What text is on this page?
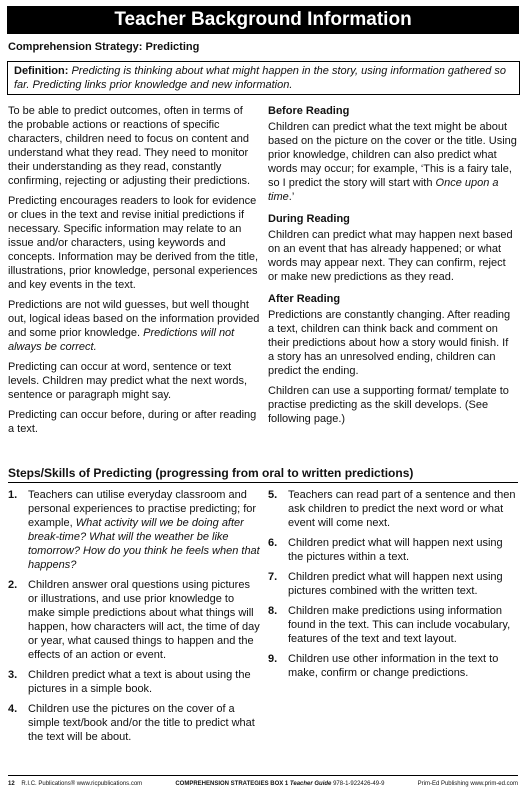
Teacher Background Information
Comprehension Strategy: Predicting
Definition: Predicting is thinking about what might happen in the story, using information gathered so far. Predicting links prior knowledge and new information.

To be able to predict outcomes, often in terms of the probable actions or reactions of specific characters, children need to focus on content and understand what they read. They need to monitor their understanding as they read, constantly confirming, rejecting or adjusting their predictions.

Predicting encourages readers to look for evidence or clues in the text and revise initial predictions if necessary. Specific information may relate to an issue and/or characters, using keywords and concepts. Information may be derived from the title, illustrations, prior knowledge, personal experiences and key events in the text.

Predictions are not wild guesses, but well thought out, logical ideas based on the information provided and some prior knowledge. Predictions will not always be correct.

Predicting can occur at word, sentence or text levels. Children may predict what the next words, sentence or paragraph might say.

Predicting can occur before, during or after reading a text.

Before Reading

Children can predict what the text might be about based on the picture on the cover or the title. Using prior knowledge, children can also predict what words may occur; for example, ‘This is a fairy tale, so I predict the story will start with Once upon a time.’

During Reading

Children can predict what may happen next based on an event that has already happened; or what words may appear next. They can confirm, reject or make new predictions as they read.

After Reading

Predictions are constantly changing. After reading a text, children can think back and comment on their predictions about how a story would finish. If a story has an unresolved ending, children can predict the ending.

Children can use a supporting format/ template to practise predicting as the skill develops. (See following page.)

Steps/Skills of Predicting (progressing from oral to written predictions)
1. Teachers can utilise everyday classroom and personal experiences to practise predicting; for example, What activity will we be doing after break-time? What will the weather be like tomorrow? How do you think he feels when that happens?
2. Children answer oral questions using pictures or illustrations, and use prior knowledge to make simple predictions about what things will happen, how characters will act, the time of day or year, what caused things to happen and the effects of an action or event.
3. Children predict what a text is about using the pictures in a simple book.
4. Children use the pictures on the cover of a simple text/book and/or the title to predict what the text will be about.
5. Teachers can read part of a sentence and then ask children to predict the next word or what event will come next.
6. Children predict what will happen next using the pictures within a text.
7. Children predict what will happen next using pictures combined with the written text.
8. Children make predictions using information found in the text. This can include vocabulary, features of the text and text layout.
9. Children use other information in the text to make, confirm or change predictions.
12 R.I.C. Publications® www.ricpublications.com	COMPREHENSION STRATEGIES BOX 1 Teacher Guide 978-1-922426-49-9	Prim-Ed Publishing www.prim-ed.com
